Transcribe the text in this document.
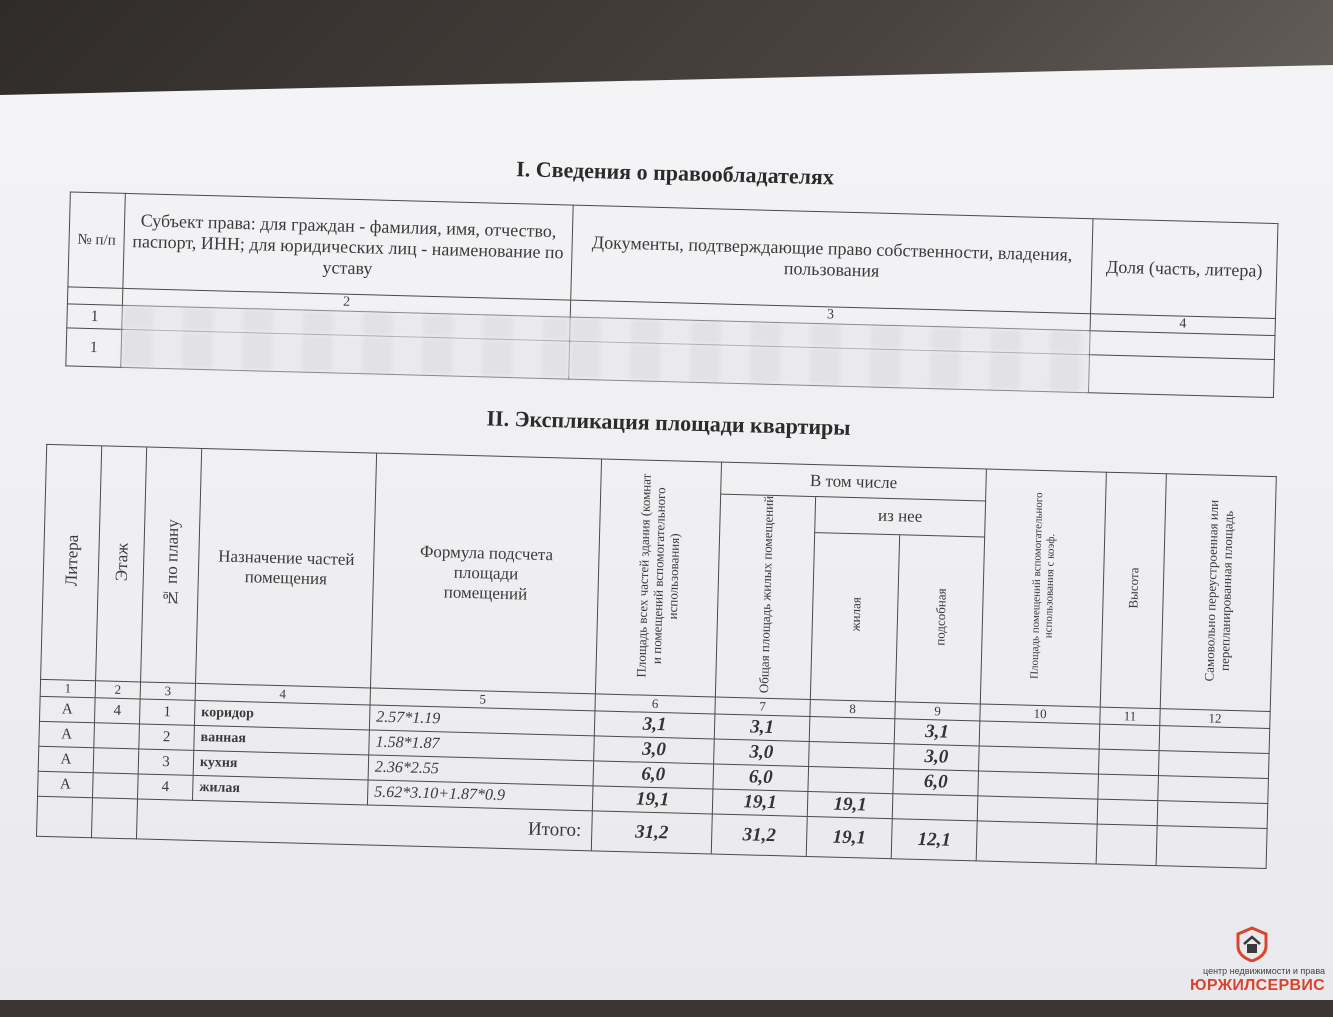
I. Сведения о правообладателях
№ п/п	Субъект права: для граждан - фамилия, имя, отчество, паспорт, ИНН; для юридических лиц - наименование по уставу	Документы, подтверждающие право собственности, владения, пользования	Доля (часть, литера)
	2	3	4
1			
1			
II. Экспликация площади квартиры
Литера	Этаж	№ по плану	Назначение частей помещения	Формула подсчета площади помещений	Площадь всех частей здания (комнат и помещений вспомогательного использования)	В том числе			Площадь помещений вспомогательного использования с коэф.	Высота	Самовольно переустроенная или перепланированная площадь
						Общая площадь жилых помещений	из нее				
							жилая	подсобная			
1	2	3	4	5	6	7	8	9	10	11	12
А	4	1	коридор	2.57*1.19	3,1	3,1		3,1			
А		2	ванная	1.58*1.87	3,0	3,0		3,0			
А		3	кухня	2.36*2.55	6,0	6,0		6,0			
А		4	жилая	5.62*3.10+1.87*0.9	19,1	19,1	19,1				
		Итого:			31,2	31,2	19,1	12,1			
центр недвижимости и права
ЮРЖИЛСЕРВИС
